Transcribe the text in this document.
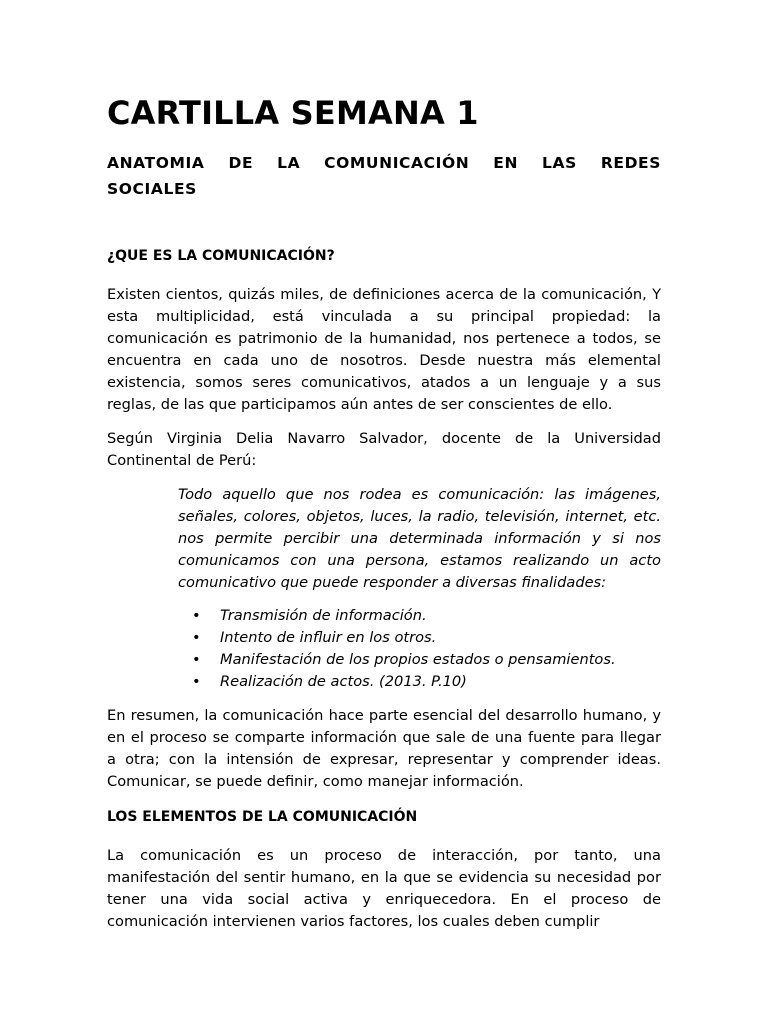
CARTILLA SEMANA 1
ANATOMIA DE LA COMUNICACIÓN EN LAS REDES SOCIALES
¿QUE ES LA COMUNICACIÓN?

Existen cientos, quizás miles, de definiciones acerca de la comunicación, Y esta multiplicidad, está vinculada a su principal propiedad: la comunicación es patrimonio de la humanidad, nos pertenece a todos, se encuentra en cada uno de nosotros. Desde nuestra más elemental existencia, somos seres comunicativos, atados a un lenguaje y a sus reglas, de las que participamos aún antes de ser conscientes de ello.

Según Virginia Delia Navarro Salvador, docente de la Universidad Continental de Perú:

Todo aquello que nos rodea es comunicación: las imágenes, señales, colores, objetos, luces, la radio, televisión, internet, etc. nos permite percibir una determinada información y si nos comunicamos con una persona, estamos realizando un acto comunicativo que puede responder a diversas finalidades:

• Transmisión de información.
• Intento de influir en los otros.
• Manifestación de los propios estados o pensamientos.
• Realización de actos. (2013. P.10)

En resumen, la comunicación hace parte esencial del desarrollo humano, y en el proceso se comparte información que sale de una fuente para llegar a otra; con la intensión de expresar, representar y comprender ideas. Comunicar, se puede definir, como manejar información.

LOS ELEMENTOS DE LA COMUNICACIÓN

La comunicación es un proceso de interacción, por tanto, una manifestación del sentir humano, en la que se evidencia su necesidad por tener una vida social activa y enriquecedora. En el proceso de comunicación intervienen varios factores, los cuales deben cumplir
